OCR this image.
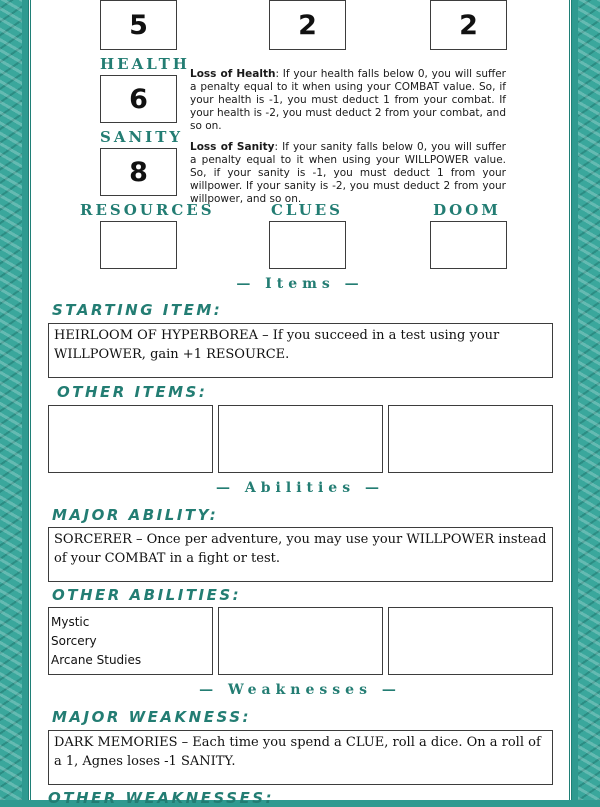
5	2	2
HEALTH
6
SANITY
8
Loss of Health: If your health falls below 0, you will suffer a penalty equal to it when using your COMBAT value. So, if your health is -1, you must deduct 1 from your combat. If your health is -2, you must deduct 2 from your combat, and so on.
Loss of Sanity: If your sanity falls below 0, you will suffer a penalty equal to it when using your WILLPOWER value. So, if your sanity is -1, you must deduct 1 from your willpower. If your sanity is -2, you must deduct 2 from your willpower, and so on.
RESOURCES	CLUES	DOOM
— Items —
STARTING ITEM:
HEIRLOOM OF HYPERBOREA – If you succeed in a test using your WILLPOWER, gain +1 RESOURCE.
OTHER ITEMS:
— Abilities —
MAJOR ABILITY:
SORCERER – Once per adventure, you may use your WILLPOWER instead of your COMBAT in a fight or test.
OTHER ABILITIES:
Mystic
Sorcery
Arcane Studies
— Weaknesses —
MAJOR WEAKNESS:
DARK MEMORIES – Each time you spend a CLUE, roll a dice. On a roll of a 1, Agnes loses -1 SANITY.
OTHER WEAKNESSES:
